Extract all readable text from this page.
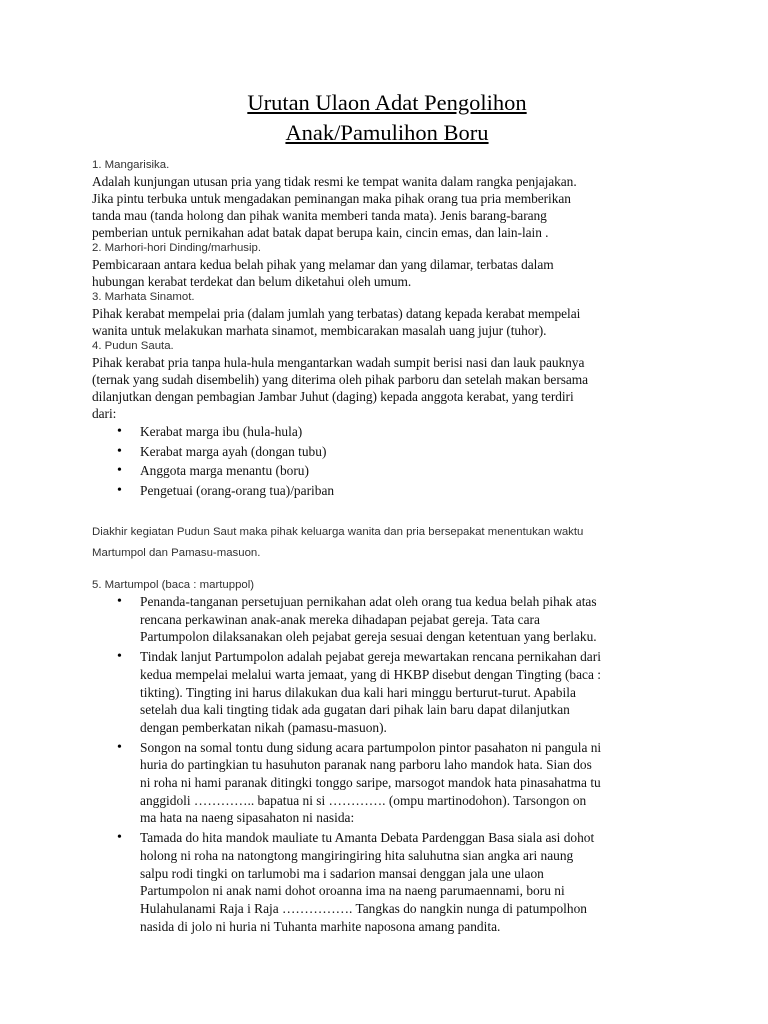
Urutan Ulaon Adat Pengolihon
Anak/Pamulihon Boru

1. Mangarisika.

Adalah kunjungan utusan pria yang tidak resmi ke tempat wanita dalam rangka penjajakan.
Jika pintu terbuka untuk mengadakan peminangan maka pihak orang tua pria memberikan
tanda mau (tanda holong dan pihak wanita memberi tanda mata). Jenis barang-barang
pemberian untuk pernikahan adat batak dapat berupa kain, cincin emas, dan lain-lain .

2. Marhori-hori Dinding/marhusip.

Pembicaraan antara kedua belah pihak yang melamar dan yang dilamar, terbatas dalam
hubungan kerabat terdekat dan belum diketahui oleh umum.

3. Marhata Sinamot.

Pihak kerabat mempelai pria (dalam jumlah yang terbatas) datang kepada kerabat mempelai
wanita untuk melakukan marhata sinamot, membicarakan masalah uang jujur (tuhor).

4. Pudun Sauta.

Pihak kerabat pria tanpa hula-hula mengantarkan wadah sumpit berisi nasi dan lauk pauknya
(ternak yang sudah disembelih) yang diterima oleh pihak parboru dan setelah makan bersama
dilanjutkan dengan pembagian Jambar Juhut (daging) kepada anggota kerabat, yang terdiri
dari:

• Kerabat marga ibu (hula-hula)
• Kerabat marga ayah (dongan tubu)
• Anggota marga menantu (boru)
• Pengetuai (orang-orang tua)/pariban

Diakhir kegiatan Pudun Saut maka pihak keluarga wanita dan pria bersepakat menentukan waktu
Martumpol dan Pamasu-masuon.

5. Martumpol (baca : martuppol)

• Penanda-tanganan persetujuan pernikahan adat oleh orang tua kedua belah pihak atas
rencana perkawinan anak-anak mereka dihadapan pejabat gereja. Tata cara
Partumpolon dilaksanakan oleh pejabat gereja sesuai dengan ketentuan yang berlaku.
• Tindak lanjut Partumpolon adalah pejabat gereja mewartakan rencana pernikahan dari
kedua mempelai melalui warta jemaat, yang di HKBP disebut dengan Tingting (baca :
tikting). Tingting ini harus dilakukan dua kali hari minggu berturut-turut. Apabila
setelah dua kali tingting tidak ada gugatan dari pihak lain baru dapat dilanjutkan
dengan pemberkatan nikah (pamasu-masuon).
• Songon na somal tontu dung sidung acara partumpolon pintor pasahaton ni pangula ni
huria do partingkian tu hasuhuton paranak nang parboru laho mandok hata. Sian dos
ni roha ni hami paranak ditingki tonggo saripe, marsogot mandok hata pinasahatma tu
anggidoli ………….. bapatua ni si …………. (ompu martinodohon). Tarsongon on
ma hata na naeng sipasahaton ni nasida:
• Tamada do hita mandok mauliate tu Amanta Debata Pardenggan Basa siala asi dohot
holong ni roha na natongtong mangiringiring hita saluhutna sian angka ari naung
salpu rodi tingki on tarlumobi ma i sadarion mansai denggan jala une ulaon
Partumpolon ni anak nami dohot oroanna ima na naeng parumaennami, boru ni
Hulahulanami Raja i Raja ……………. Tangkas do nangkin nunga di patumpolhon
nasida di jolo ni huria ni Tuhanta marhite naposona amang pandita.
